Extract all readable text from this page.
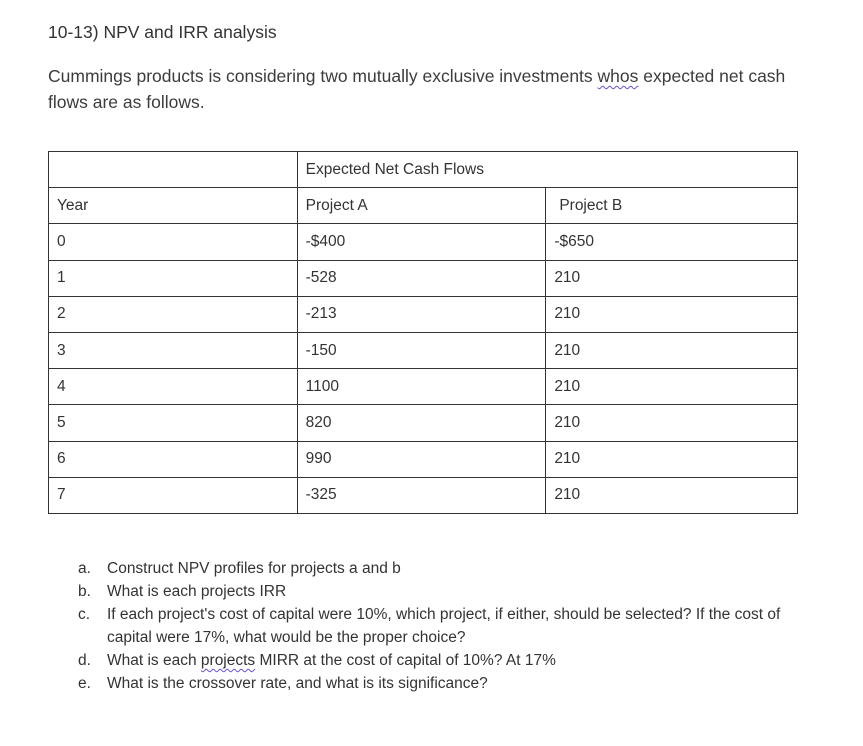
10-13) NPV and IRR analysis
Cummings products is considering two mutually exclusive investments whos expected net cash flows are as follows.
	Expected Net Cash Flows	
Year	Project A	Project B
0	-$400	-$650
1	-528	210
2	-213	210
3	-150	210
4	1100	210
5	820	210
6	990	210
7	-325	210
a. Construct NPV profiles for projects a and b
b. What is each projects IRR
c. If each project's cost of capital were 10%, which project, if either, should be selected? If the cost of capital were 17%, what would be the proper choice?
d. What is each projects MIRR at the cost of capital of 10%? At 17%
e. What is the crossover rate, and what is its significance?
